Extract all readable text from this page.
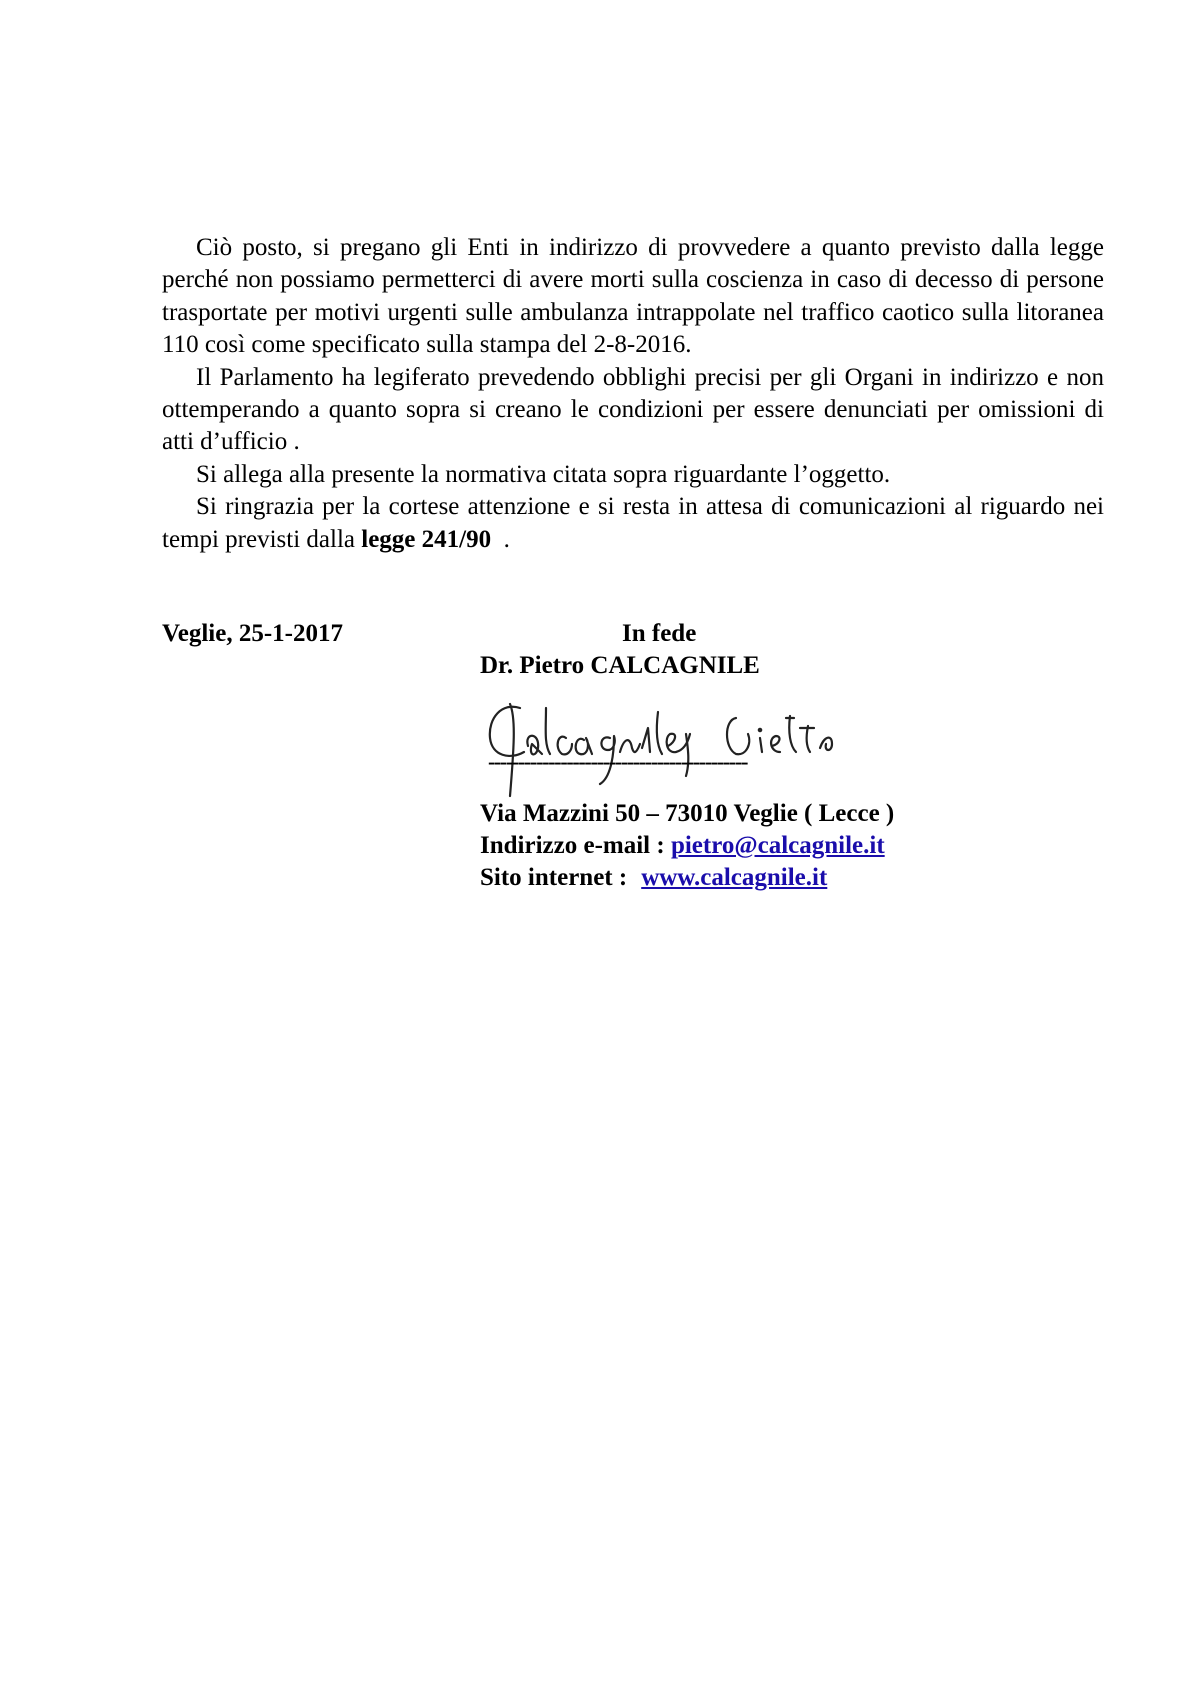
Ciò posto, si pregano gli Enti in indirizzo di provvedere a quanto previsto dalla legge perché non possiamo permetterci di avere morti sulla coscienza in caso di decesso di persone trasportate per motivi urgenti sulle ambulanza intrappolate nel traffico caotico sulla litoranea 110 così come specificato sulla stampa del 2-8-2016.

Il Parlamento ha legiferato prevedendo obblighi precisi per gli Organi in indirizzo e non ottemperando a quanto sopra si creano le condizioni per essere denunciati per omissioni di atti d’ufficio .

Si allega alla presente la normativa citata sopra riguardante l’oggetto.

Si ringrazia per la cortese attenzione e si resta in attesa di comunicazioni al riguardo nei tempi previsti dalla legge 241/90  .

Veglie, 25-1-2017	In fede
Dr. Pietro CALCAGNILE
-------------------------------------------
Via Mazzini 50 – 73010 Veglie ( Lecce )
Indirizzo e-mail : pietro@calcagnile.it
Sito internet : www.calcagnile.it
